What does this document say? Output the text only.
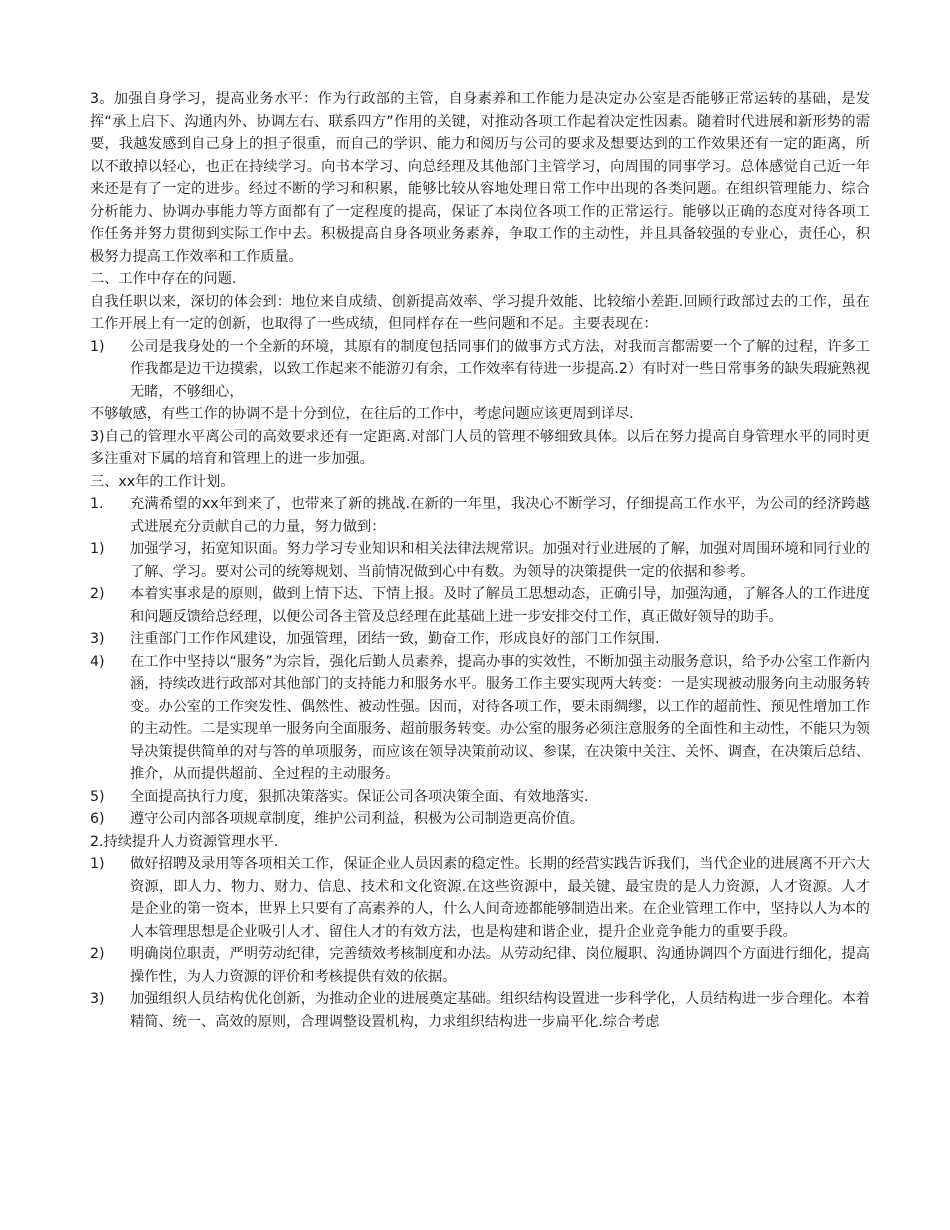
3。加强自身学习，提高业务水平：作为行政部的主管，自身素养和工作能力是决定办公室是否能够正常运转的基础，是发挥“承上启下、沟通内外、协调左右、联系四方”作用的关键，对推动各项工作起着决定性因素。随着时代进展和新形势的需要，我越发感到自己身上的担子很重，而自己的学识、能力和阅历与公司的要求及想要达到的工作效果还有一定的距离，所以不敢掉以轻心，也正在持续学习。向书本学习、向总经理及其他部门主管学习，向周围的同事学习。总体感觉自己近一年来还是有了一定的进步。经过不断的学习和积累，能够比较从容地处理日常工作中出现的各类问题。在组织管理能力、综合分析能力、协调办事能力等方面都有了一定程度的提高，保证了本岗位各项工作的正常运行。能够以正确的态度对待各项工作任务并努力贯彻到实际工作中去。积极提高自身各项业务素养，争取工作的主动性，并且具备较强的专业心，责任心，积极努力提高工作效率和工作质量。

二、工作中存在的问题.

自我任职以来，深切的体会到：地位来自成绩、创新提高效率、学习提升效能、比较缩小差距.回顾行政部过去的工作，虽在工作开展上有一定的创新，也取得了一些成绩，但同样存在一些问题和不足。主要表现在：

1)	公司是我身处的一个全新的环境，其原有的制度包括同事们的做事方式方法，对我而言都需要一个了解的过程，许多工作我都是边干边摸索，以致工作起来不能游刃有余，工作效率有待进一步提高.2）有时对一些日常事务的缺失瑕疵熟视无睹，不够细心，

不够敏感，有些工作的协调不是十分到位，在往后的工作中，考虑问题应该更周到详尽.

3)自己的管理水平离公司的高效要求还有一定距离.对部门人员的管理不够细致具体。以后在努力提高自身管理水平的同时更多注重对下属的培育和管理上的进一步加强。

三、xx年的工作计划。

1.	充满希望的xx年到来了，也带来了新的挑战.在新的一年里，我决心不断学习，仔细提高工作水平，为公司的经济跨越式进展充分贡献自己的力量，努力做到：
1)	加强学习，拓宽知识面。努力学习专业知识和相关法律法规常识。加强对行业进展的了解，加强对周围环境和同行业的了解、学习。要对公司的统筹规划、当前情况做到心中有数。为领导的决策提供一定的依据和参考。
2)	本着实事求是的原则，做到上情下达、下情上报。及时了解员工思想动态，正确引导，加强沟通，了解各人的工作进度和问题反馈给总经理，以便公司各主管及总经理在此基础上进一步安排交付工作，真正做好领导的助手。
3)	注重部门工作作风建设，加强管理，团结一致，勤奋工作，形成良好的部门工作氛围.
4)	在工作中坚持以“服务”为宗旨，强化后勤人员素养，提高办事的实效性，不断加强主动服务意识，给予办公室工作新内涵，持续改进行政部对其他部门的支持能力和服务水平。服务工作主要实现两大转变：一是实现被动服务向主动服务转变。办公室的工作突发性、偶然性、被动性强。因而，对待各项工作，要未雨绸缪，以工作的超前性、预见性增加工作的主动性。二是实现单一服务向全面服务、超前服务转变。办公室的服务必须注意服务的全面性和主动性，不能只为领导决策提供简单的对与答的单项服务，而应该在领导决策前动议、参谋，在决策中关注、关怀、调查，在决策后总结、推介，从而提供超前、全过程的主动服务。
5)	全面提高执行力度，狠抓决策落实。保证公司各项决策全面、有效地落实.
6)	遵守公司内部各项规章制度，维护公司利益，积极为公司制造更高价值。

2.持续提升人力资源管理水平.

1)	做好招聘及录用等各项相关工作，保证企业人员因素的稳定性。长期的经营实践告诉我们，当代企业的进展离不开六大资源，即人力、物力、财力、信息、技术和文化资源.在这些资源中，最关键、最宝贵的是人力资源，人才资源。人才是企业的第一资本，世界上只要有了高素养的人，什么人间奇迹都能够制造出来。在企业管理工作中，坚持以人为本的人本管理思想是企业吸引人才、留住人才的有效方法，也是构建和谐企业，提升企业竞争能力的重要手段。
2)	明确岗位职责，严明劳动纪律，完善绩效考核制度和办法。从劳动纪律、岗位履职、沟通协调四个方面进行细化，提高操作性，为人力资源的评价和考核提供有效的依据。
3)	加强组织人员结构优化创新，为推动企业的进展奠定基础。组织结构设置进一步科学化，人员结构进一步合理化。本着精简、统一、高效的原则，合理调整设置机构，力求组织结构进一步扁平化.综合考虑
